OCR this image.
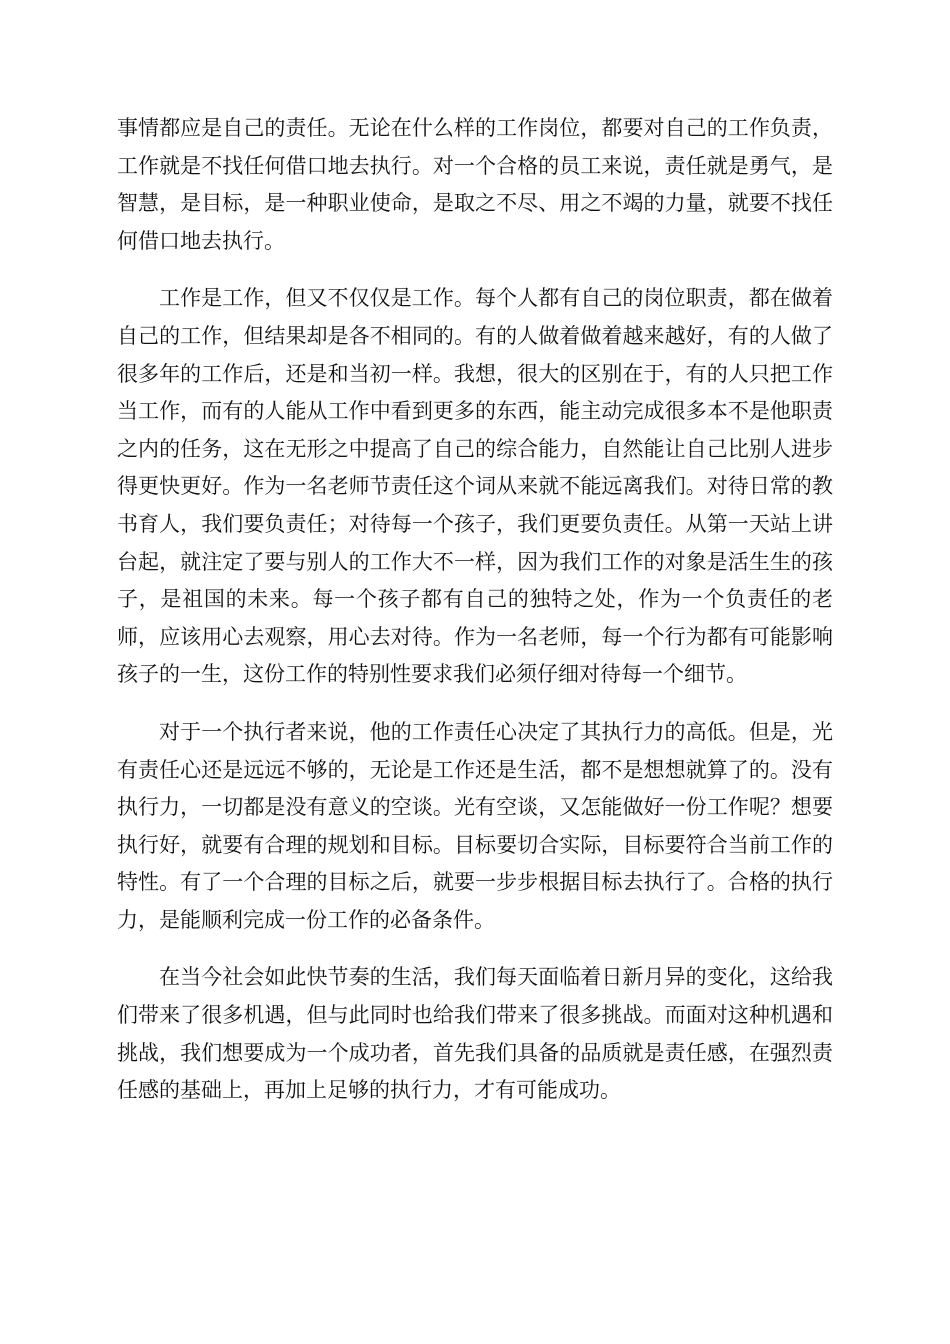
事情都应是自己的责任。无论在什么样的工作岗位，都要对自己的工作负责，工作就是不找任何借口地去执行。对一个合格的员工来说，责任就是勇气，是智慧，是目标，是一种职业使命，是取之不尽、用之不竭的力量，就要不找任何借口地去执行。

工作是工作，但又不仅仅是工作。每个人都有自己的岗位职责，都在做着自己的工作，但结果却是各不相同的。有的人做着做着越来越好，有的人做了很多年的工作后，还是和当初一样。我想，很大的区别在于，有的人只把工作当工作，而有的人能从工作中看到更多的东西，能主动完成很多本不是他职责之内的任务，这在无形之中提高了自己的综合能力，自然能让自己比别人进步得更快更好。作为一名老师节责任这个词从来就不能远离我们。对待日常的教书育人，我们要负责任；对待每一个孩子，我们更要负责任。从第一天站上讲台起，就注定了要与别人的工作大不一样，因为我们工作的对象是活生生的孩子，是祖国的未来。每一个孩子都有自己的独特之处，作为一个负责任的老师，应该用心去观察，用心去对待。作为一名老师，每一个行为都有可能影响孩子的一生，这份工作的特别性要求我们必须仔细对待每一个细节。

对于一个执行者来说，他的工作责任心决定了其执行力的高低。但是，光有责任心还是远远不够的，无论是工作还是生活，都不是想想就算了的。没有执行力，一切都是没有意义的空谈。光有空谈，又怎能做好一份工作呢？想要执行好，就要有合理的规划和目标。目标要切合实际，目标要符合当前工作的特性。有了一个合理的目标之后，就要一步步根据目标去执行了。合格的执行力，是能顺利完成一份工作的必备条件。

在当今社会如此快节奏的生活，我们每天面临着日新月异的变化，这给我们带来了很多机遇，但与此同时也给我们带来了很多挑战。而面对这种机遇和挑战，我们想要成为一个成功者，首先我们具备的品质就是责任感，在强烈责任感的基础上，再加上足够的执行力，才有可能成功。
